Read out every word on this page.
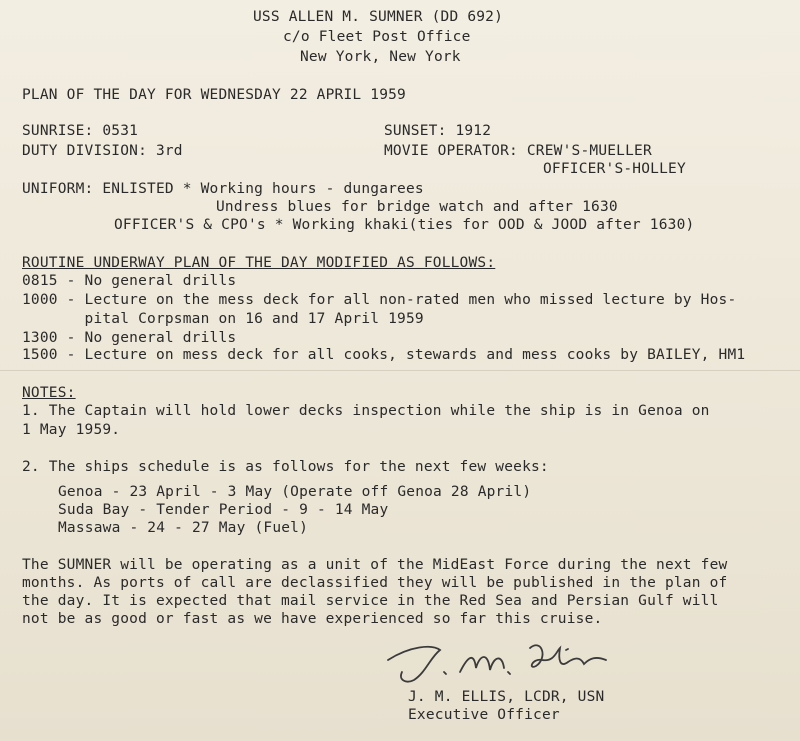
USS ALLEN M. SUMNER (DD 692)
c/o Fleet Post Office
New York, New York
PLAN OF THE DAY FOR WEDNESDAY 22 APRIL 1959
SUNRISE: 0531	SUNSET: 1912
DUTY DIVISION: 3rd	MOVIE OPERATOR: CREW'S-MUELLER
OFFICER'S-HOLLEY
UNIFORM: ENLISTED * Working hours - dungarees
Undress blues for bridge watch and after 1630
OFFICER'S & CPO's * Working khaki(ties for OOD & JOOD after 1630)
ROUTINE UNDERWAY PLAN OF THE DAY MODIFIED AS FOLLOWS:
0815 - No general drills
1000 - Lecture on the mess deck for all non-rated men who missed lecture by Hos-
pital Corpsman on 16 and 17 April 1959
1300 - No general drills
1500 - Lecture on mess deck for all cooks, stewards and mess cooks by BAILEY, HM1
NOTES:
1. The Captain will hold lower decks inspection while the ship is in Genoa on
1 May 1959.
2. The ships schedule is as follows for the next few weeks:
Genoa - 23 April - 3 May (Operate off Genoa 28 April)
Suda Bay - Tender Period - 9 - 14 May
Massawa - 24 - 27 May (Fuel)
The SUMNER will be operating as a unit of the MidEast Force during the next few
months. As ports of call are declassified they will be published in the plan of
the day. It is expected that mail service in the Red Sea and Persian Gulf will
not be as good or fast as we have experienced so far this cruise.
J. M. ELLIS, LCDR, USN
Executive Officer
